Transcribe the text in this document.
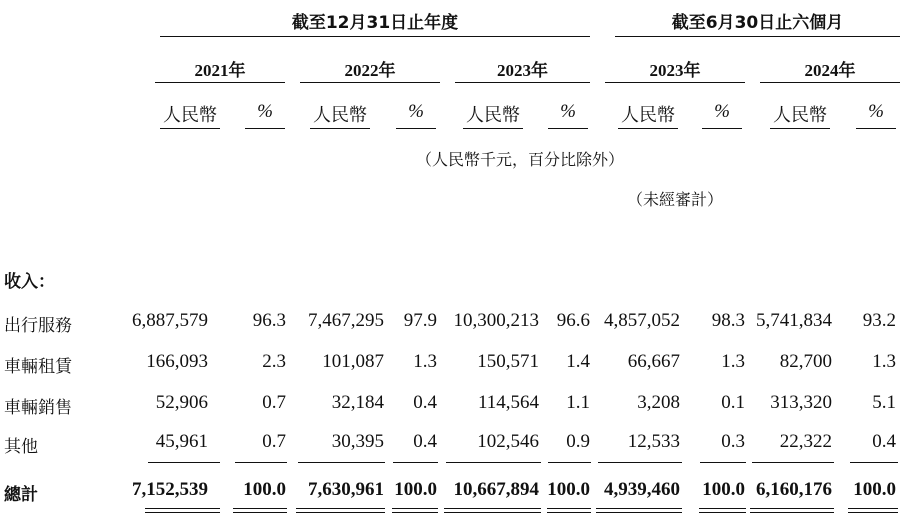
截至12月31日止年度	截至6月30日止六個月
2021年	2022年	2023年	2023年	2024年
人民幣	%	人民幣	%	人民幣	%	人民幣	%	人民幣	%
（人民幣千元，百分比除外）
（未經審計）
收入：
出行服務	6,887,579	96.3	7,467,295	97.9 10,300,213 96.6 4,857,052	98.3 5,741,834	93.2
車輛租賃	166,093	2.3	101,087	1.3	150,571	1.4	66,667	1.3	82,700	1.3
車輛銷售	52,906	0.7	32,184	0.4	114,564	1.1	3,208	0.1	313,320	5.1
其他	45,961	0.7	30,395	0.4	102,546	0.9	12,533	0.3	22,322	0.4
總計	7,152,539	100.0	7,630,961 100.0 10,667,894 100.0 4,939,460	100.0 6,160,176	100.0
